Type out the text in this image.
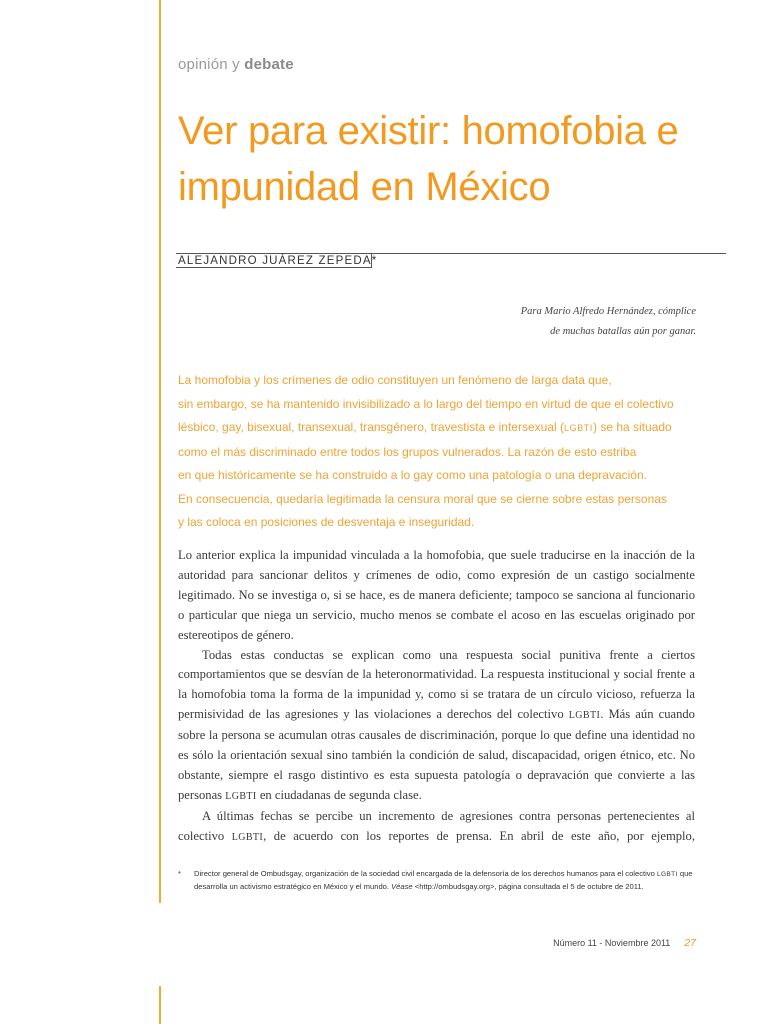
opinión y debate
Ver para existir: homofobia e impunidad en México
ALEJANDRO JUÁREZ ZEPEDA*
Para Mario Alfredo Hernández, cómplice
de muchas batallas aún por ganar.
La homofobia y los crímenes de odio constituyen un fenómeno de larga data que,
sin embargo, se ha mantenido invisibilizado a lo largo del tiempo en virtud de que el colectivo
lésbico, gay, bisexual, transexual, transgénero, travestista e intersexual (LGBTI) se ha situado
como el más discriminado entre todos los grupos vulnerados. La razón de esto estriba
en que históricamente se ha construido a lo gay como una patología o una depravación.
En consecuencia, quedaría legitimada la censura moral que se cierne sobre estas personas
y las coloca en posiciones de desventaja e inseguridad.

Lo anterior explica la impunidad vinculada a la homofobia, que suele traducirse en la inacción de la autoridad para sancionar delitos y crímenes de odio, como expresión de un castigo socialmente legitimado. No se investiga o, si se hace, es de manera deficiente; tampoco se sanciona al funcionario o particular que niega un servicio, mucho menos se combate el acoso en las escuelas originado por estereotipos de género.

Todas estas conductas se explican como una respuesta social punitiva frente a ciertos comportamientos que se desvían de la heteronormatividad. La respuesta institucional y social frente a la homofobia toma la forma de la impunidad y, como si se tratara de un círculo vicioso, refuerza la permisividad de las agresiones y las violaciones a derechos del colectivo LGBTI. Más aún cuando sobre la persona se acumulan otras causales de discriminación, porque lo que define una identidad no es sólo la orientación sexual sino también la condición de salud, discapacidad, origen étnico, etc. No obstante, siempre el rasgo distintivo es esta supuesta patología o depravación que convierte a las personas LGBTI en ciudadanas de segunda clase.

A últimas fechas se percibe un incremento de agresiones contra personas pertenecientes al colectivo LGBTI, de acuerdo con los reportes de prensa. En abril de este año, por ejemplo,

* Director general de Ombudsgay, organización de la sociedad civil encargada de la defensoría de los derechos humanos para el colectivo LGBTI que desarrolla un activismo estratégico en México y el mundo. Véase <http://ombudsgay.org>, página consultada el 5 de octubre de 2011.
Número 11 - Noviembre 2011 27
